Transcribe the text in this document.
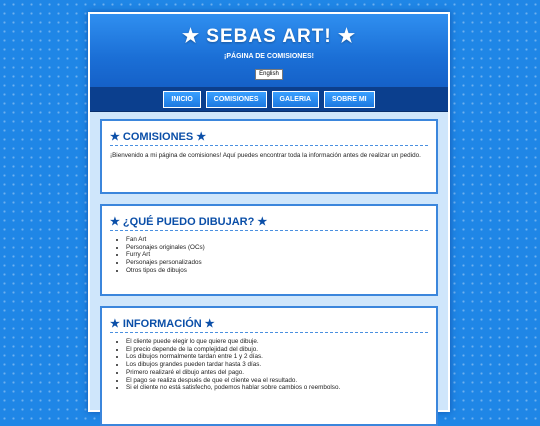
★ SEBAS ART! ★
¡PÁGINA DE COMISIONES!
English
INICIO	COMISIONES	GALERIA	SOBRE MI
★ COMISIONES ★

¡Bienvenido a mi página de comisiones! Aquí puedes encontrar toda la información antes de realizar un pedido.

★ ¿QUÉ PUEDO DIBUJAR? ★
• Fan Art
• Personajes originales (OCs)
• Furry Art
• Personajes personalizados
• Otros tipos de dibujos
★ INFORMACIÓN ★
• El cliente puede elegir lo que quiere que dibuje.
• El precio depende de la complejidad del dibujo.
• Los dibujos normalmente tardan entre 1 y 2 días.
• Los dibujos grandes pueden tardar hasta 3 días.
• Primero realizaré el dibujo antes del pago.
• El pago se realiza después de que el cliente vea el resultado.
• Si el cliente no está satisfecho, podemos hablar sobre cambios o reembolso.
